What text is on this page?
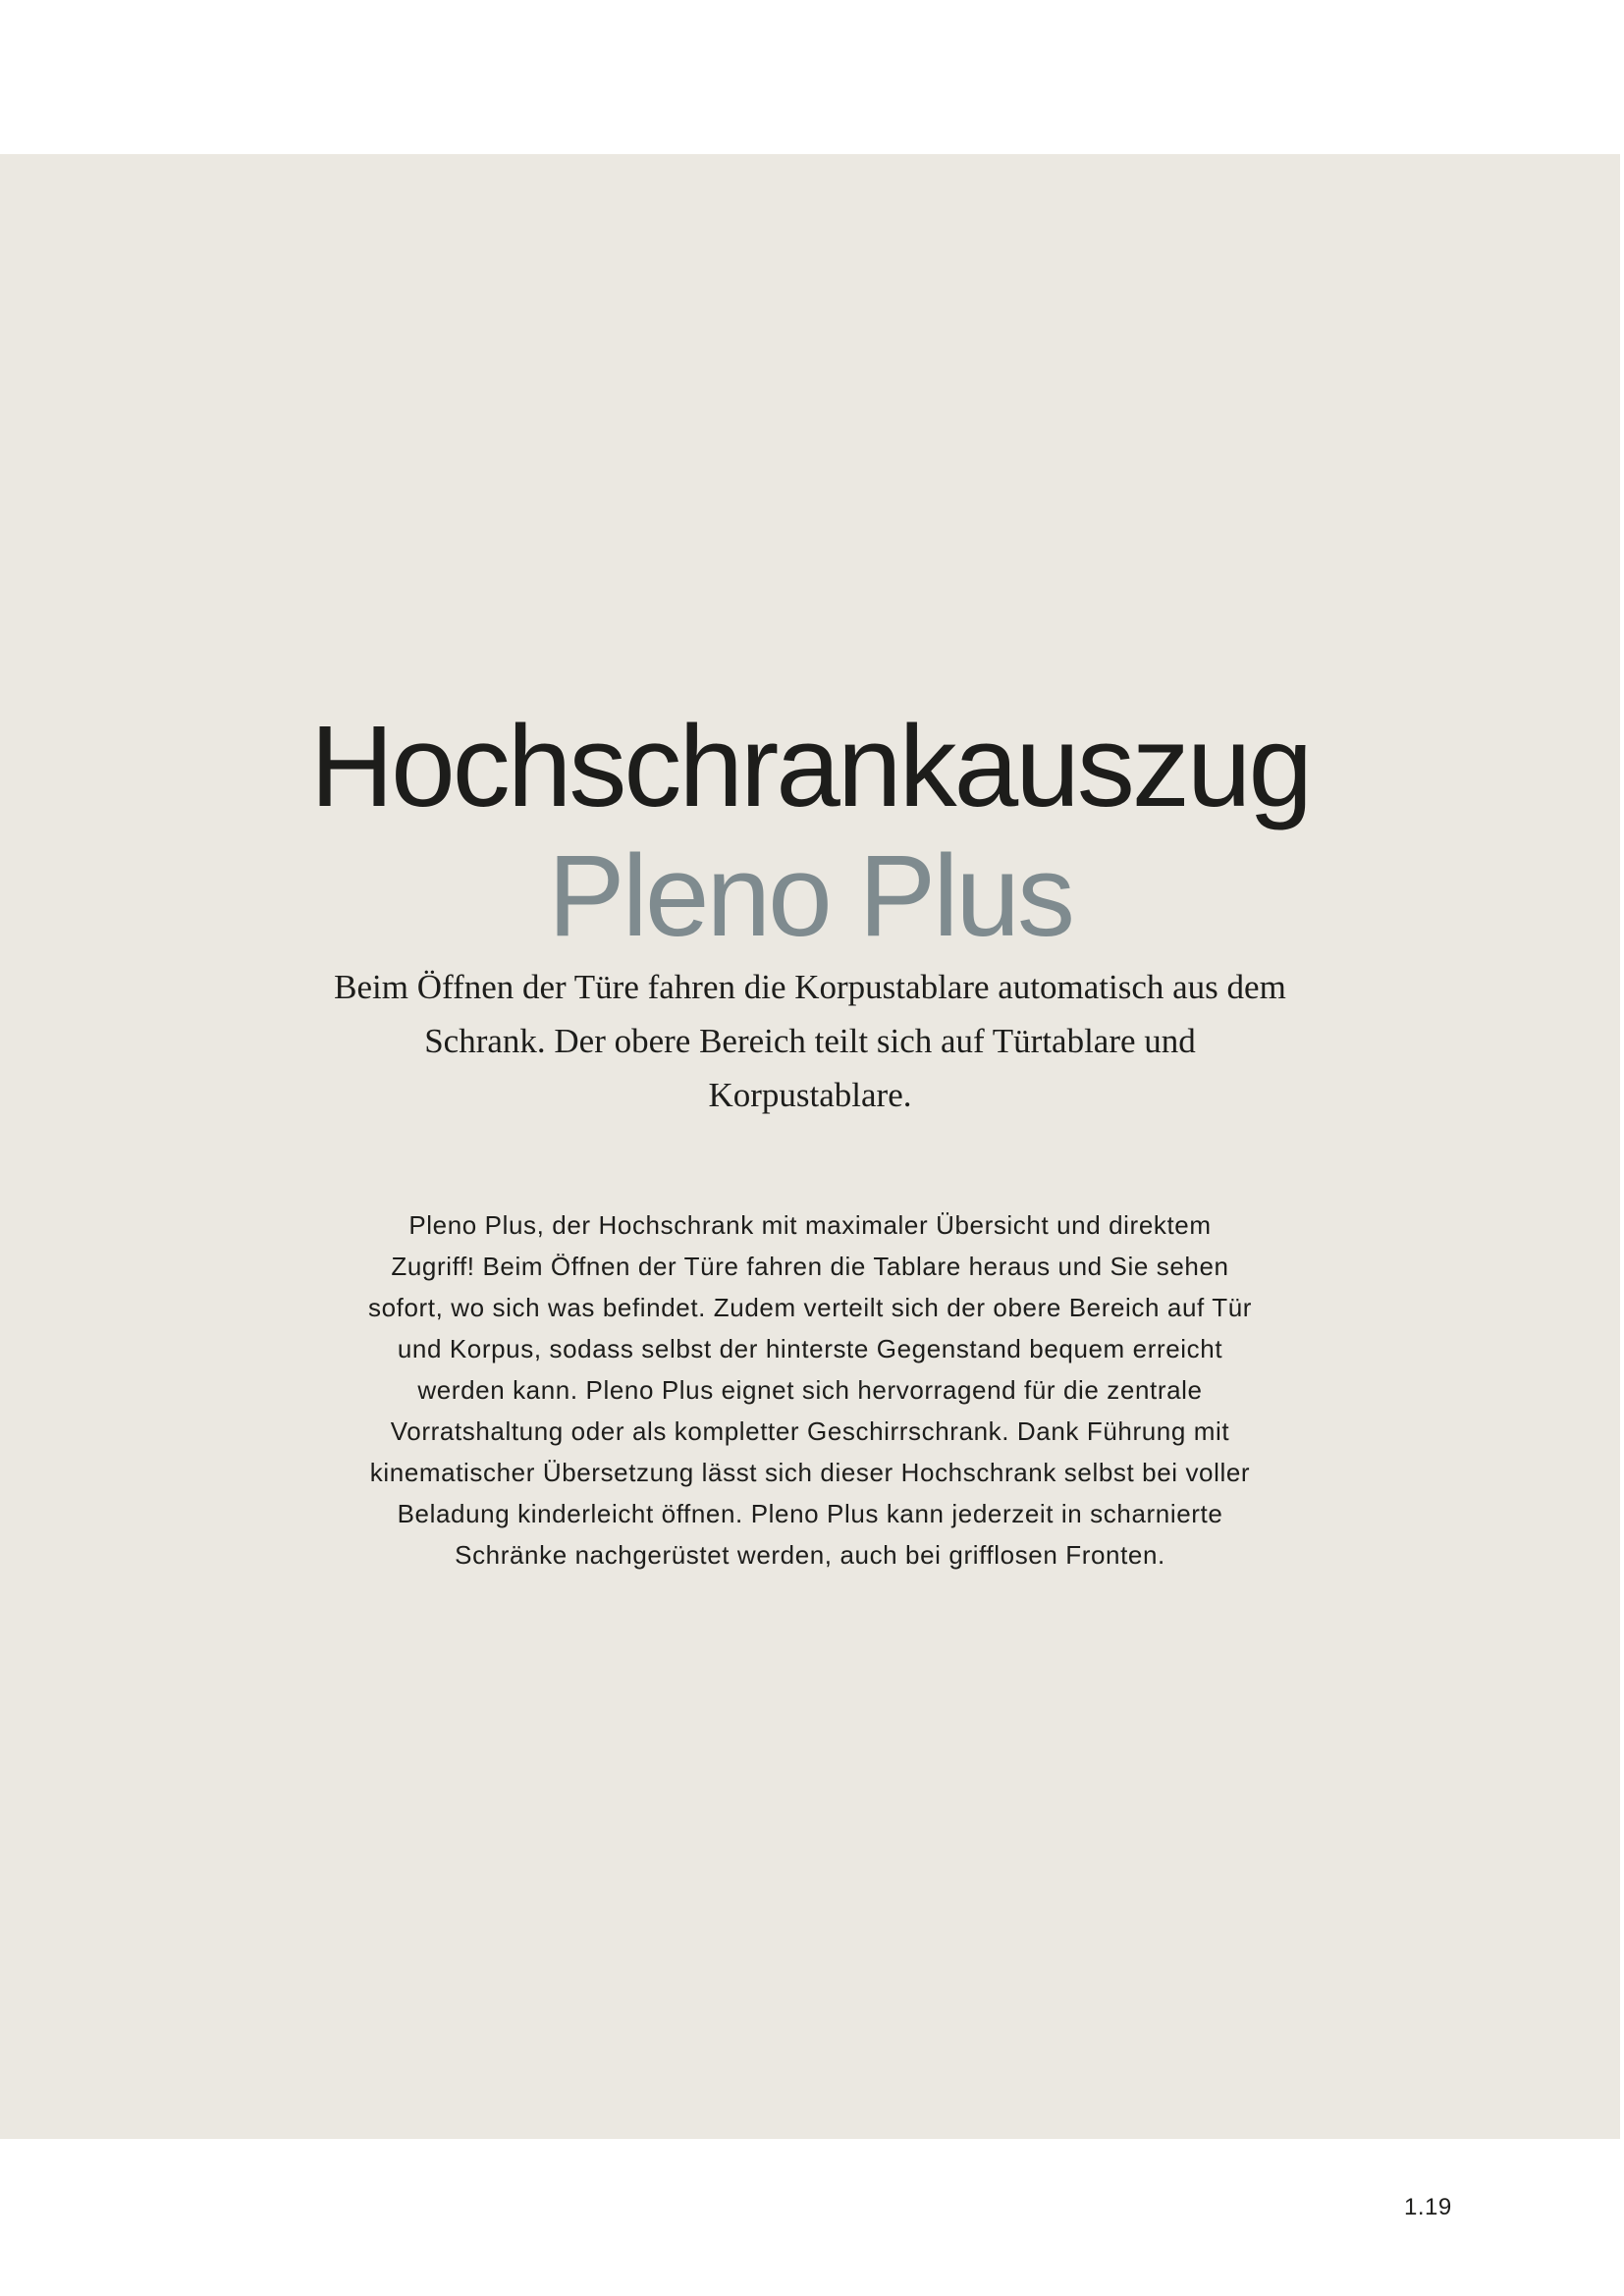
Hochschrankauszug
Pleno Plus
Beim Öffnen der Türe fahren die Korpustablare automatisch aus dem Schrank. Der obere Bereich teilt sich auf Türtablare und Korpustablare.
Pleno Plus, der Hochschrank mit maximaler Übersicht und direktem Zugriff! Beim Öffnen der Türe fahren die Tablare heraus und Sie sehen sofort, wo sich was befindet. Zudem verteilt sich der obere Bereich auf Tür und Korpus, sodass selbst der hinterste Gegenstand bequem erreicht werden kann. Pleno Plus eignet sich hervorragend für die zentrale Vorratshaltung oder als kompletter Geschirrschrank. Dank Führung mit kinematischer Übersetzung lässt sich dieser Hochschrank selbst bei voller Beladung kinderleicht öffnen. Pleno Plus kann jederzeit in scharnierte Schränke nachgerüstet werden, auch bei grifflosen Fronten.
1.19
